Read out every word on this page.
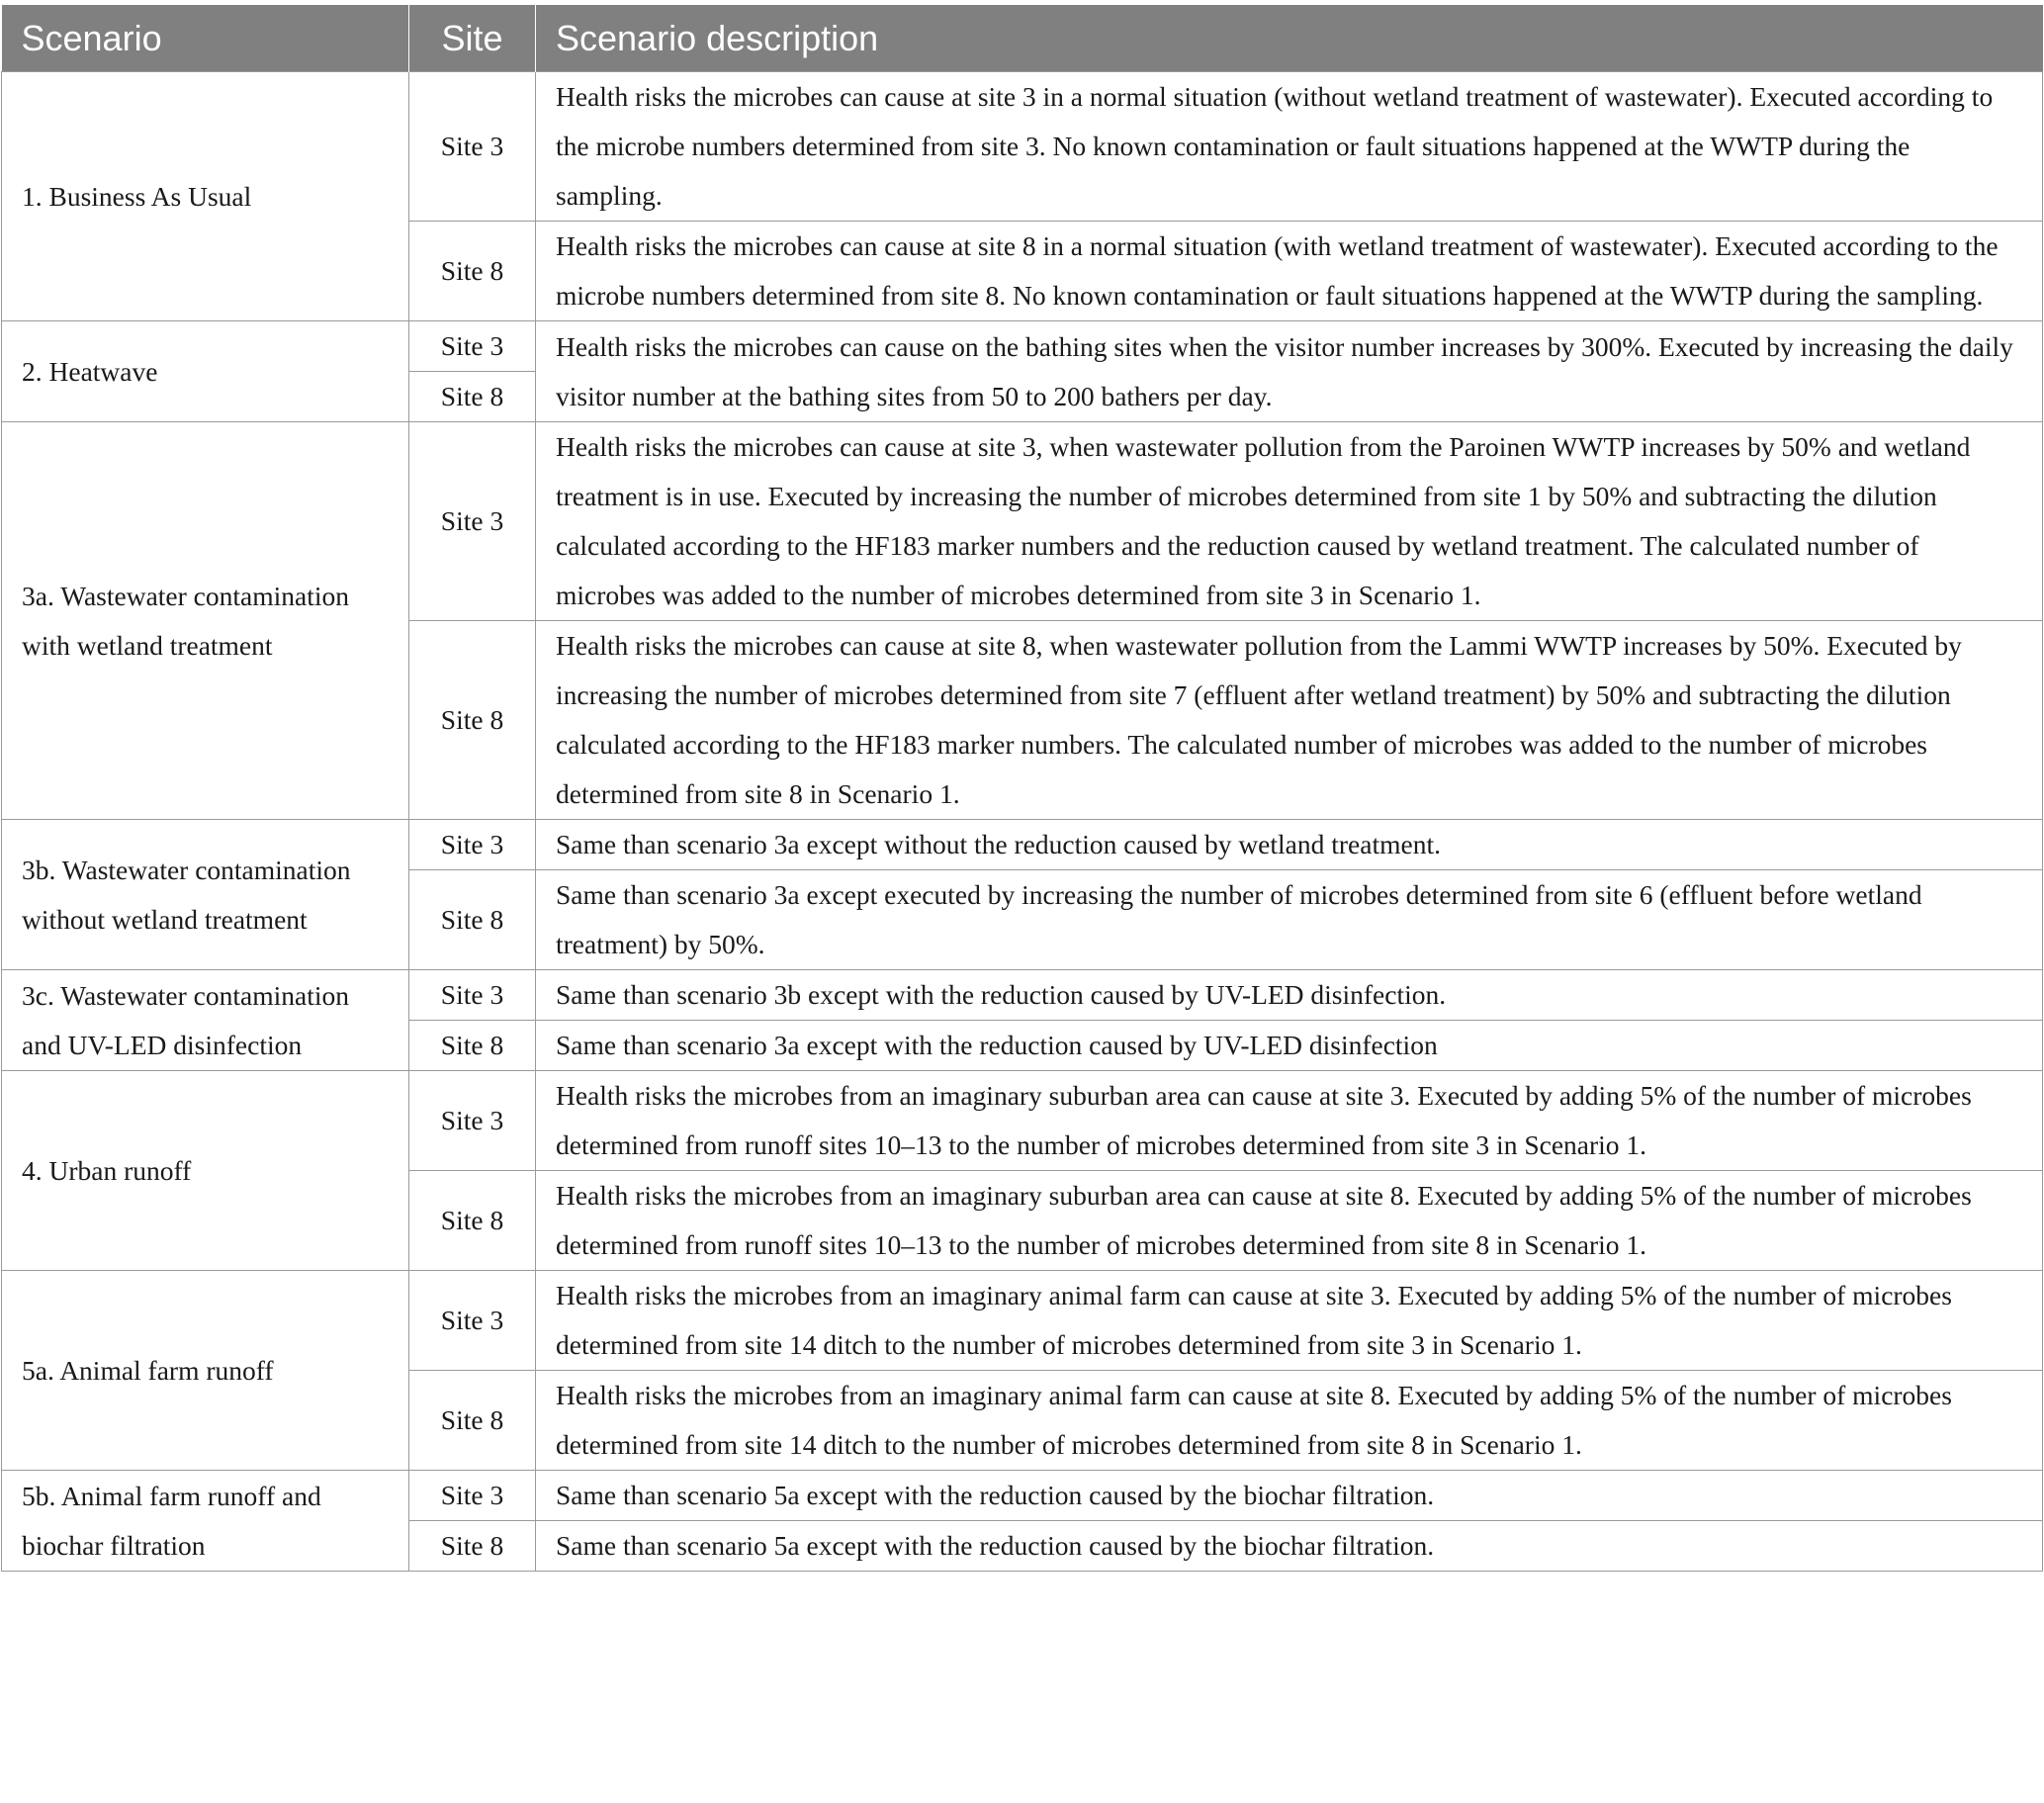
Scenario	Site	Scenario description
1. Business As Usual	Site 3	Health risks the microbes can cause at site 3 in a normal situation (without wetland treatment of wastewater). Executed according to the microbe numbers determined from site 3. No known contamination or fault situations happened at the WWTP during the sampling.
	Site 8	Health risks the microbes can cause at site 8 in a normal situation (with wetland treatment of wastewater). Executed according to the microbe numbers determined from site 8. No known contamination or fault situations happened at the WWTP during the sampling.
2. Heatwave	Site 3	Health risks the microbes can cause on the bathing sites when the visitor number increases by 300%. Executed by increasing the daily visitor number at the bathing sites from 50 to 200 bathers per day.
	Site 8	
3a. Wastewater contamination with wetland treatment	Site 3	Health risks the microbes can cause at site 3, when wastewater pollution from the Paroinen WWTP increases by 50% and wetland treatment is in use. Executed by increasing the number of microbes determined from site 1 by 50% and subtracting the dilution calculated according to the HF183 marker numbers and the reduction caused by wetland treatment. The calculated number of microbes was added to the number of microbes determined from site 3 in Scenario 1.
	Site 8	Health risks the microbes can cause at site 8, when wastewater pollution from the Lammi WWTP increases by 50%. Executed by increasing the number of microbes determined from site 7 (effluent after wetland treatment) by 50% and subtracting the dilution calculated according to the HF183 marker numbers. The calculated number of microbes was added to the number of microbes determined from site 8 in Scenario 1.
3b. Wastewater contamination without wetland treatment	Site 3	Same than scenario 3a except without the reduction caused by wetland treatment.
	Site 8	Same than scenario 3a except executed by increasing the number of microbes determined from site 6 (effluent before wetland treatment) by 50%.
3c. Wastewater contamination and UV-LED disinfection	Site 3	Same than scenario 3b except with the reduction caused by UV-LED disinfection.
	Site 8	Same than scenario 3a except with the reduction caused by UV-LED disinfection
4. Urban runoff	Site 3	Health risks the microbes from an imaginary suburban area can cause at site 3. Executed by adding 5% of the number of microbes determined from runoff sites 10–13 to the number of microbes determined from site 3 in Scenario 1.
	Site 8	Health risks the microbes from an imaginary suburban area can cause at site 8. Executed by adding 5% of the number of microbes determined from runoff sites 10–13 to the number of microbes determined from site 8 in Scenario 1.
5a. Animal farm runoff	Site 3	Health risks the microbes from an imaginary animal farm can cause at site 3. Executed by adding 5% of the number of microbes determined from site 14 ditch to the number of microbes determined from site 3 in Scenario 1.
	Site 8	Health risks the microbes from an imaginary animal farm can cause at site 8. Executed by adding 5% of the number of microbes determined from site 14 ditch to the number of microbes determined from site 8 in Scenario 1.
5b. Animal farm runoff and biochar filtration	Site 3	Same than scenario 5a except with the reduction caused by the biochar filtration.
	Site 8	Same than scenario 5a except with the reduction caused by the biochar filtration.
